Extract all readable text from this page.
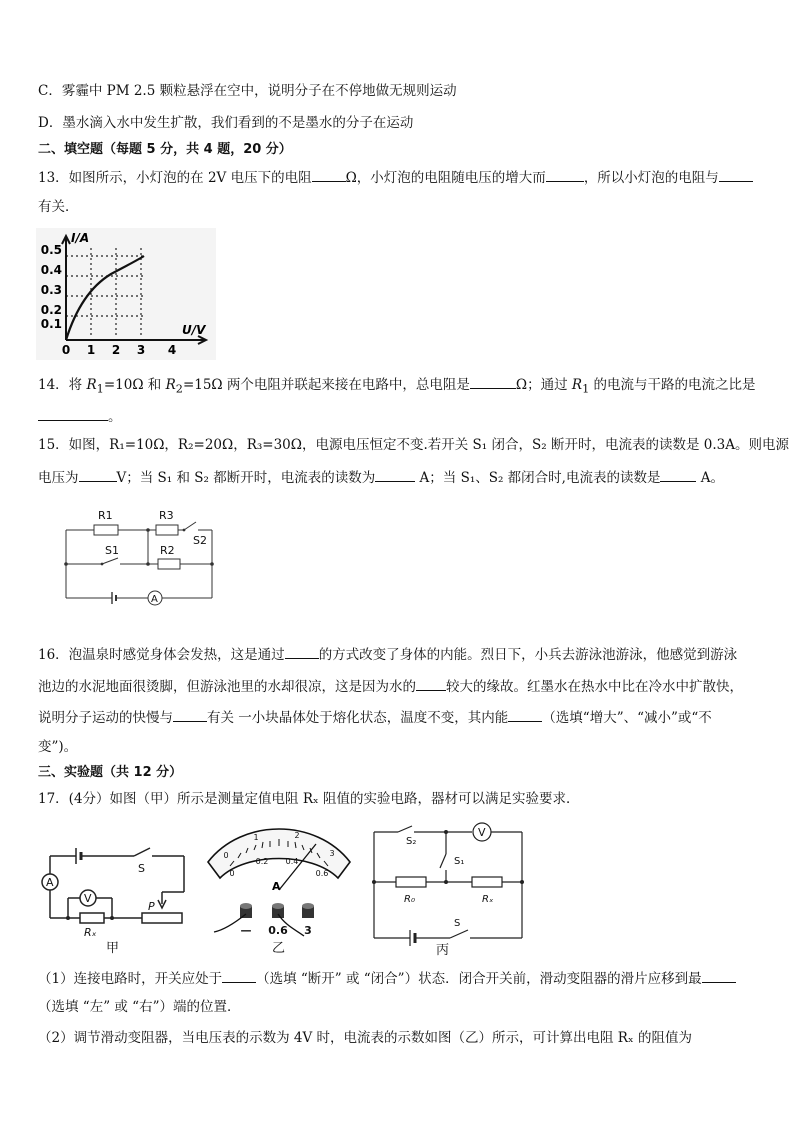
C．雾霾中 PM 2.5 颗粒悬浮在空中，说明分子在不停地做无规则运动
D．墨水滴入水中发生扩散，我们看到的不是墨水的分子在运动
二、填空题（每题 5 分，共 4 题，20 分）
13．如图所示，小灯泡的在 2V 电压下的电阻	Ω，小灯泡的电阻随电压的增大而	，所以小灯泡的电阻与
有关．
I/A
U/V
0.5
0.4
0.3
0.2
0.1
0 1 2 3 4
14．将 $R_1=10\Omega$ 和 $R_2=15\Omega$ 两个电阻并联起来接在电路中，总电阻是	Ω；通过 $R_1$ 的电流与干路的电流之比是
。
15．如图，R₁=10Ω，R₂=20Ω，R₃=30Ω，电源电压恒定不变.若开关 S₁ 闭合，S₂ 断开时，电流表的读数是 0.3A。则电源
电压为	V；当 S₁ 和 S₂ 都断开时，电流表的读数为	A；当 S₁、S₂ 都闭合时,电流表的读数是	A。
R1	R3
S2
S1	R2
A
16．泡温泉时感觉身体会发热，这是通过	的方式改变了身体的内能。烈日下，小兵去游泳池游泳，他感觉到游泳
池边的水泥地面很烫脚，但游泳池里的水却很凉，这是因为水的 较大的缘故。红墨水在热水中比在冷水中扩散快，
说明分子运动的快慢与	有关 一小块晶体处于熔化状态，温度不变，其内能	（选填“增大”、“减小”或“不
变”)。
三、实验题（共 12 分）
17．(4分）如图（甲）所示是测量定值电阻 Rₓ 阻值的实验电路，器材可以满足实验要求．
S
A
V
P
Rₓ
甲
0
1	2
3
0
0.2 0.4
0.6
A
— 0.6 3
乙
S₂
V
S₁
R₀	Rₓ
S
丙
（1）连接电路时，开关应处于	（选填 “断开” 或 “闭合”）状态．闭合开关前，滑动变阻器的滑片应移到最
（选填 “左” 或 “右”）端的位置．
（2）调节滑动变阻器，当电压表的示数为 4V 时，电流表的示数如图（乙）所示，可计算出电阻 Rₓ 的阻值为
